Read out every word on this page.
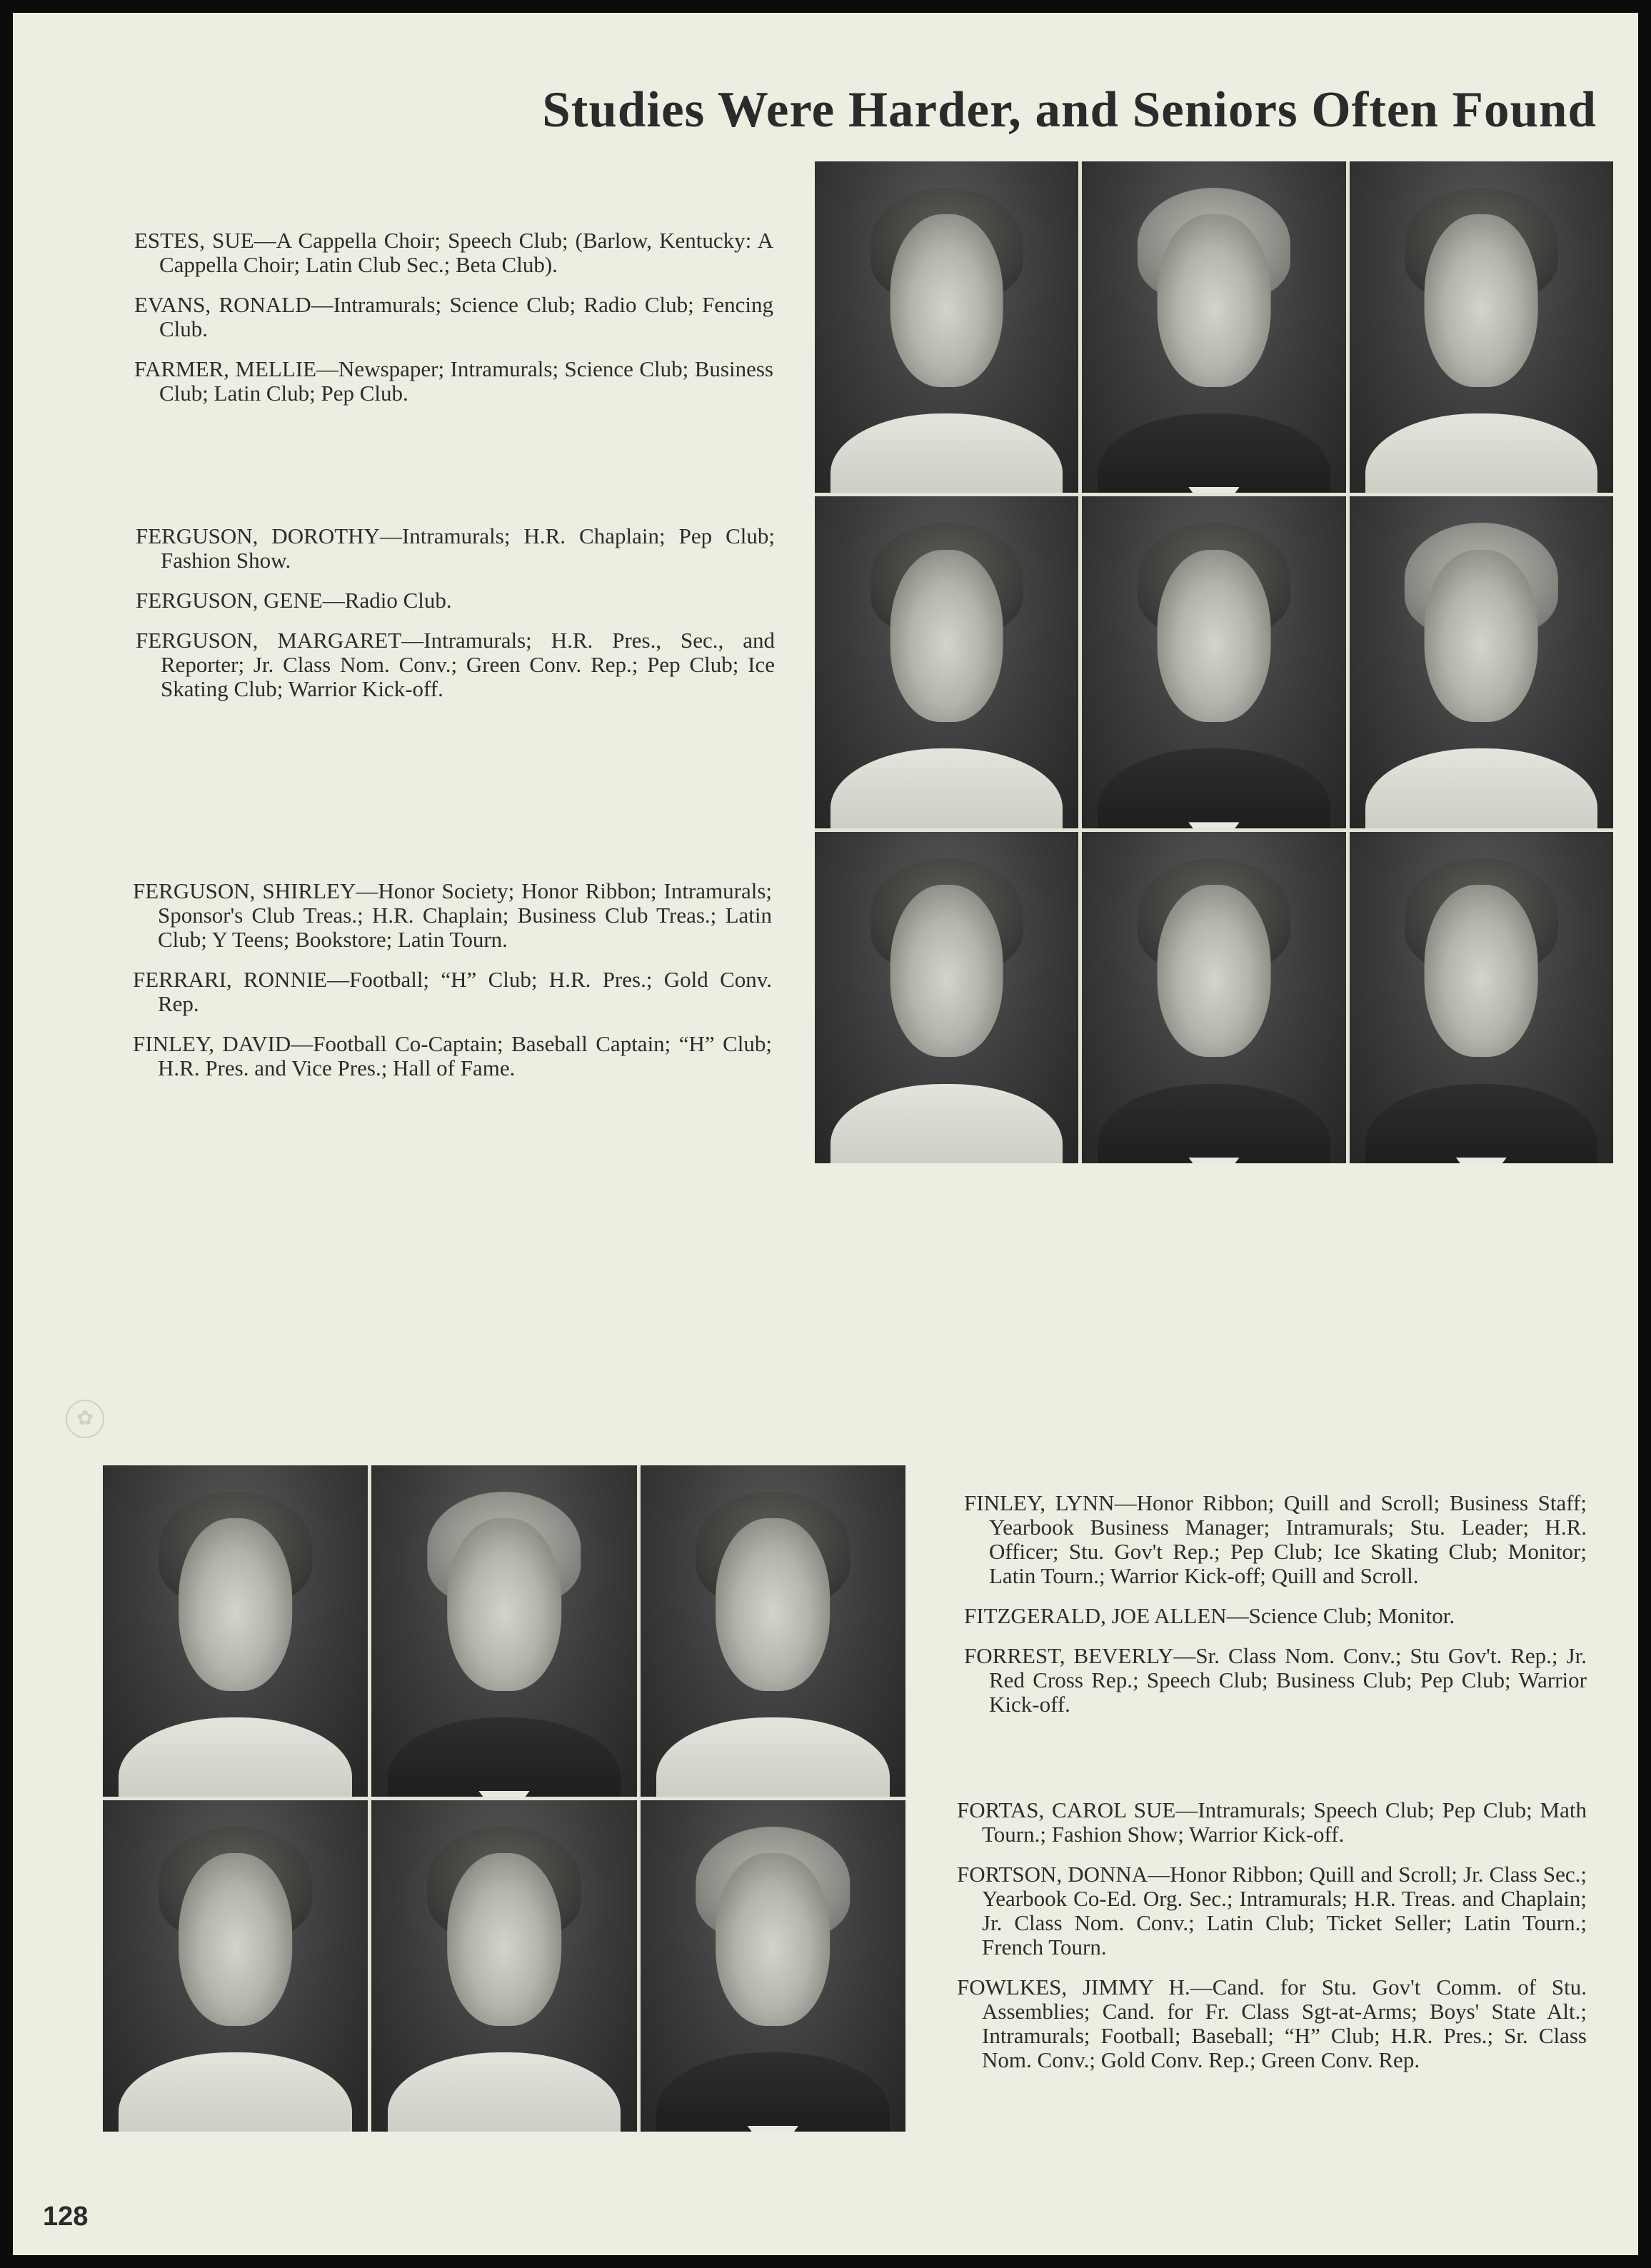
Studies Were Harder, and Seniors Often Found
ESTES, SUE—A Cappella Choir; Speech Club; (Barlow, Kentucky: A Cappella Choir; Latin Club Sec.; Beta Club).
EVANS, RONALD—Intramurals; Science Club; Radio Club; Fencing Club.
FARMER, MELLIE—Newspaper; Intramurals; Science Club; Business Club; Latin Club; Pep Club.
FERGUSON, DOROTHY—Intramurals; H.R. Chaplain; Pep Club; Fashion Show.
FERGUSON, GENE—Radio Club.
FERGUSON, MARGARET—Intramurals; H.R. Pres., Sec., and Reporter; Jr. Class Nom. Conv.; Green Conv. Rep.; Pep Club; Ice Skating Club; Warrior Kick-off.
FERGUSON, SHIRLEY—Honor Society; Honor Ribbon; Intramurals; Sponsor's Club Treas.; H.R. Chaplain; Business Club Treas.; Latin Club; Y Teens; Bookstore; Latin Tourn.
FERRARI, RONNIE—Football; “H” Club; H.R. Pres.; Gold Conv. Rep.
FINLEY, DAVID—Football Co-Captain; Baseball Captain; “H” Club; H.R. Pres. and Vice Pres.; Hall of Fame.
✿
FINLEY, LYNN—Honor Ribbon; Quill and Scroll; Business Staff; Yearbook Business Manager; Intramurals; Stu. Leader; H.R. Officer; Stu. Gov't Rep.; Pep Club; Ice Skating Club; Monitor; Latin Tourn.; Warrior Kick-off; Quill and Scroll.
FITZGERALD, JOE ALLEN—Science Club; Monitor.
FORREST, BEVERLY—Sr. Class Nom. Conv.; Stu Gov't. Rep.; Jr. Red Cross Rep.; Speech Club; Business Club; Pep Club; Warrior Kick-off.
FORTAS, CAROL SUE—Intramurals; Speech Club; Pep Club; Math Tourn.; Fashion Show; Warrior Kick-off.
FORTSON, DONNA—Honor Ribbon; Quill and Scroll; Jr. Class Sec.; Yearbook Co-Ed. Org. Sec.; Intramurals; H.R. Treas. and Chaplain; Jr. Class Nom. Conv.; Latin Club; Ticket Seller; Latin Tourn.; French Tourn.
FOWLKES, JIMMY H.—Cand. for Stu. Gov't Comm. of Stu. Assemblies; Cand. for Fr. Class Sgt-at-Arms; Boys' State Alt.; Intramurals; Football; Baseball; “H” Club; H.R. Pres.; Sr. Class Nom. Conv.; Gold Conv. Rep.; Green Conv. Rep.
128
